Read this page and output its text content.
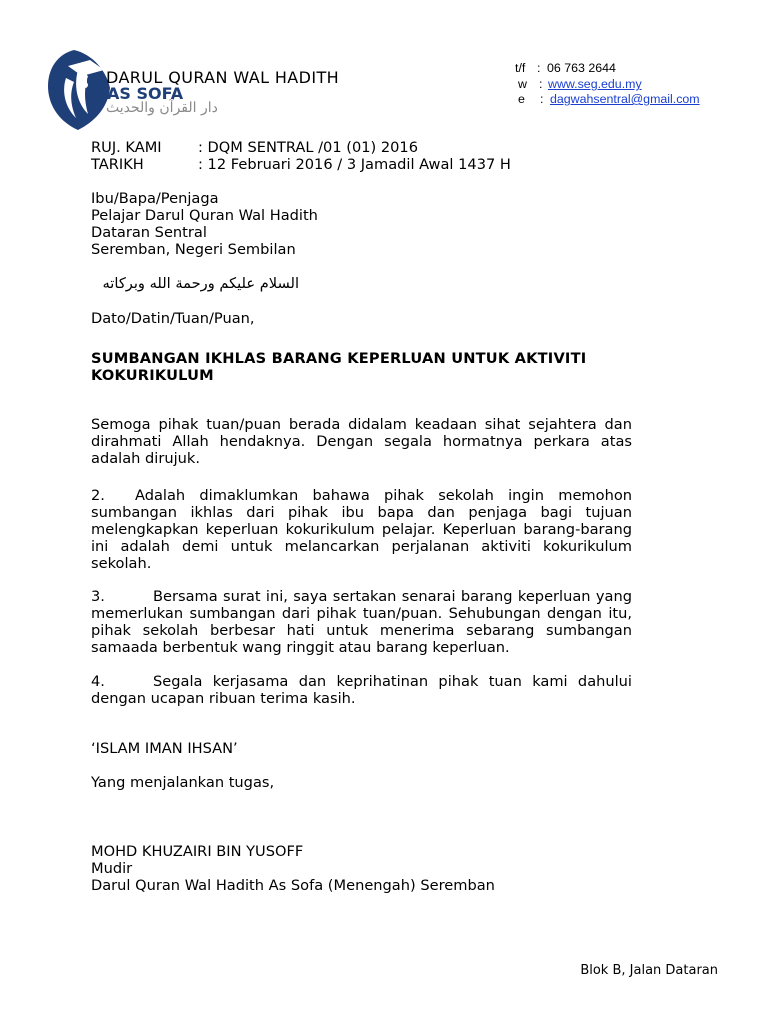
DARUL QURAN WAL HADITH
AS SOFA
دار القرآن والحديث
t/f : 06 763 2644
w : www.seg.edu.my
e : dagwahsentral@gmail.com
RUJ. KAMI : DQM SENTRAL /01 (01) 2016
TARIKH	: 12 Februari 2016 / 3 Jamadil Awal 1437 H
Ibu/Bapa/Penjaga
Pelajar Darul Quran Wal Hadith
Dataran Sentral
Seremban, Negeri Sembilan
السلام عليكم ورحمة الله وبركاته
Dato/Datin/Tuan/Puan,
SUMBANGAN IKHLAS BARANG KEPERLUAN UNTUK AKTIVITI KOKURIKULUM
Semoga pihak tuan/puan berada didalam keadaan sihat sejahtera dan dirahmati Allah hendaknya. Dengan segala hormatnya perkara atas adalah dirujuk.
2. Adalah dimaklumkan bahawa pihak sekolah ingin memohon sumbangan ikhlas dari pihak ibu bapa dan penjaga bagi tujuan melengkapkan keperluan kokurikulum pelajar. Keperluan barang-barang ini adalah demi untuk melancarkan perjalanan aktiviti kokurikulum sekolah.
3.	Bersama surat ini, saya sertakan senarai barang keperluan yang memerlukan sumbangan dari pihak tuan/puan. Sehubungan dengan itu, pihak sekolah berbesar hati untuk menerima sebarang sumbangan samaada berbentuk wang ringgit atau barang keperluan.
4.	Segala kerjasama dan keprihatinan pihak tuan kami dahului dengan ucapan ribuan terima kasih.
‘ISLAM IMAN IHSAN’
Yang menjalankan tugas,
MOHD KHUZAIRI BIN YUSOFF
Mudir
Darul Quran Wal Hadith As Sofa (Menengah) Seremban
Blok B, Jalan Dataran
